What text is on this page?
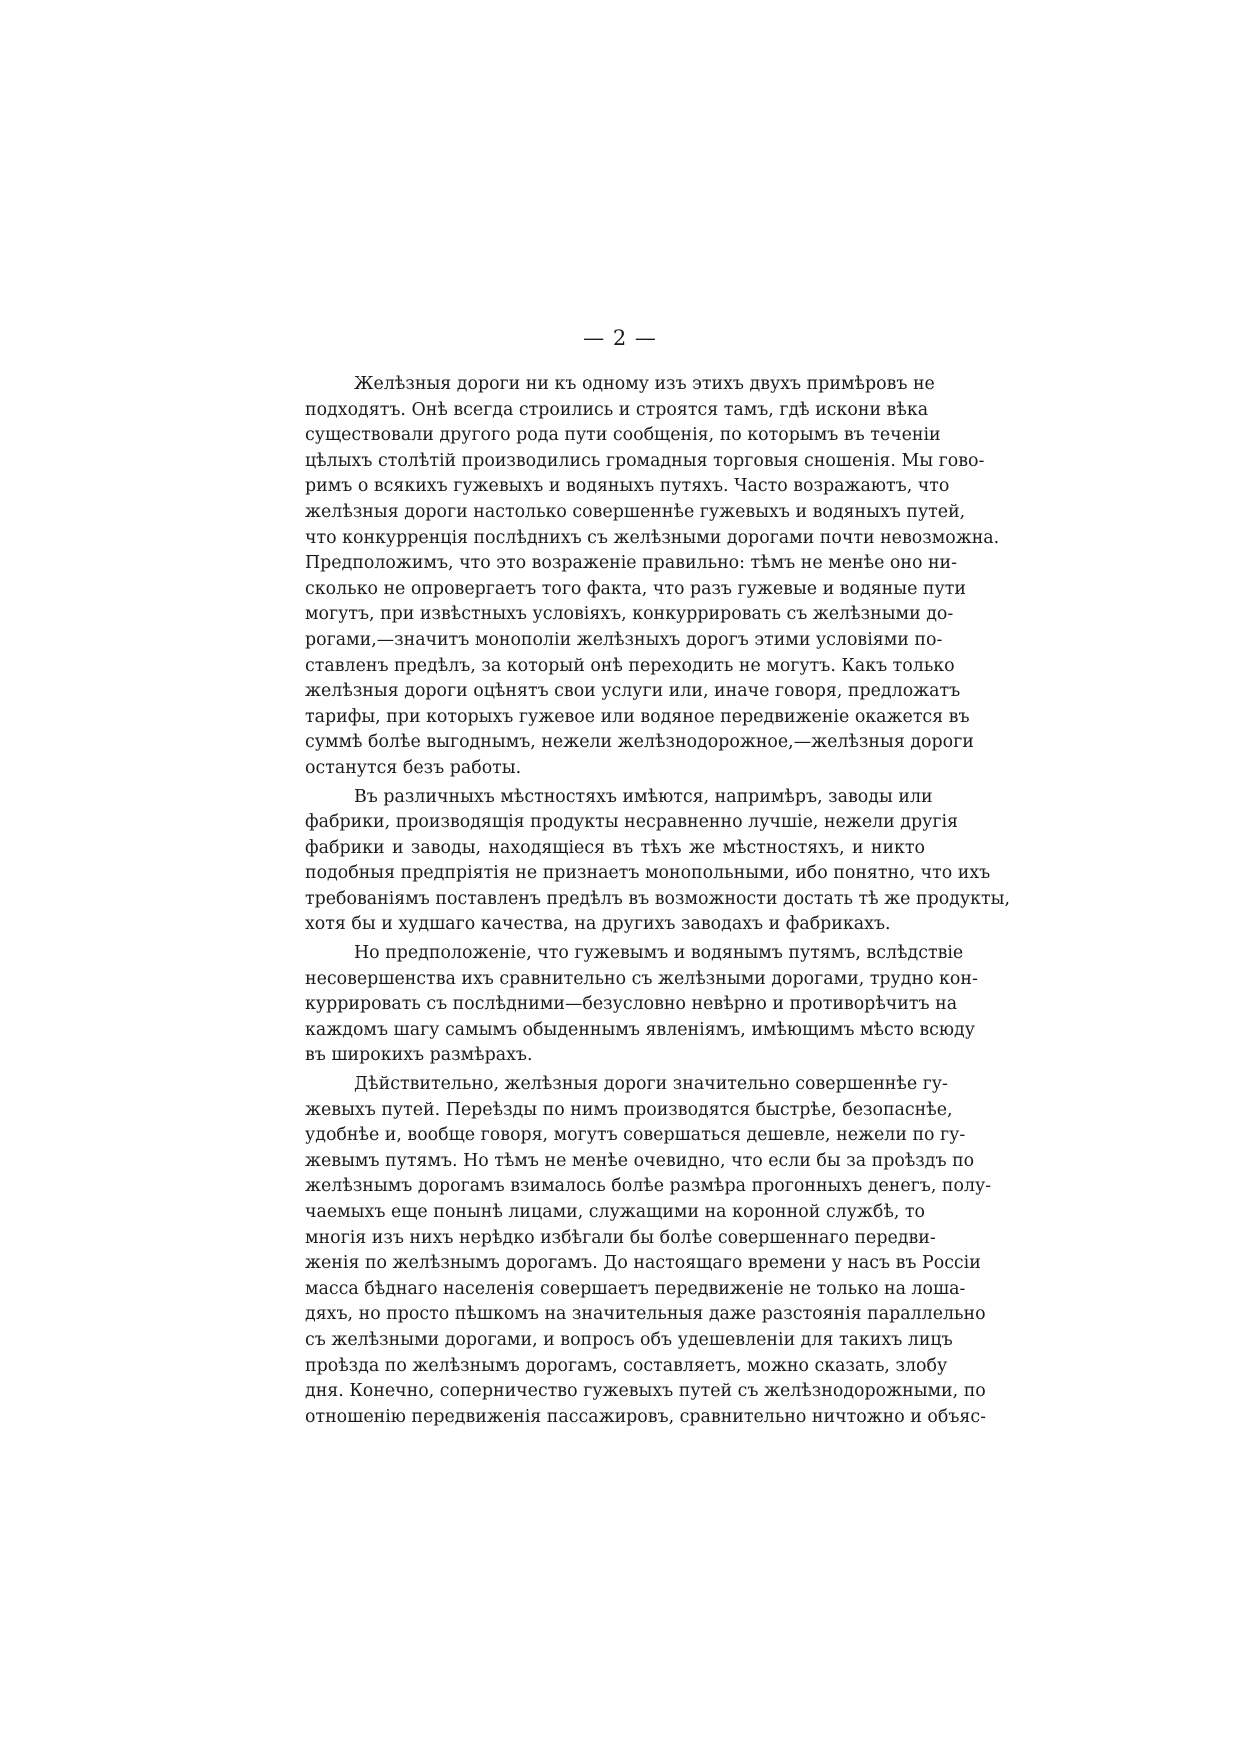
— 2 —
Желѣзныя дороги ни къ одному изъ этихъ двухъ примѣровъ не
подходятъ. Онѣ всегда строились и строятся тамъ, гдѣ искони вѣка
существовали другого рода пути сообщенія, по которымъ въ теченіи
цѣлыхъ столѣтій производились громадныя торговыя сношенія. Мы гово-
римъ о всякихъ гужевыхъ и водяныхъ путяхъ. Часто возражаютъ, что
желѣзныя дороги настолько совершеннѣе гужевыхъ и водяныхъ путей,
что конкурренція послѣднихъ съ желѣзными дорогами почти невозможна.
Предположимъ, что это возраженіе правильно: тѣмъ не менѣе оно ни-
сколько не опровергаетъ того факта, что разъ гужевые и водяные пути
могутъ, при извѣстныхъ условіяхъ, конкуррировать съ желѣзными до-
рогами,—значитъ монополіи желѣзныхъ дорогъ этими условіями по-
ставленъ предѣлъ, за который онѣ переходить не могутъ. Какъ только
желѣзныя дороги оцѣнятъ свои услуги или, иначе говоря, предложатъ
тарифы, при которыхъ гужевое или водяное передвиженіе окажется въ
суммѣ болѣе выгоднымъ, нежели желѣзнодорожное,—желѣзныя дороги
останутся безъ работы.
Въ различныхъ мѣстностяхъ имѣются, напримѣръ, заводы или
фабрики, производящія продукты несравненно лучшіе, нежели другія
фабрики и заводы, находящіеся въ тѣхъ же мѣстностяхъ, и никто
подобныя предпріятія не признаетъ монопольными, ибо понятно, что ихъ
требованіямъ поставленъ предѣлъ въ возможности достать тѣ же продукты,
хотя бы и худшаго качества, на другихъ заводахъ и фабрикахъ.
Но предположеніе, что гужевымъ и водянымъ путямъ, вслѣдствіе
несовершенства ихъ сравнительно съ желѣзными дорогами, трудно кон-
куррировать съ послѣдними—безусловно невѣрно и противорѣчитъ на
каждомъ шагу самымъ обыденнымъ явленіямъ, имѣющимъ мѣсто всюду
въ широкихъ размѣрахъ.
Дѣйствительно, желѣзныя дороги значительно совершеннѣе гу-
жевыхъ путей. Переѣзды по нимъ производятся быстрѣе, безопаснѣе,
удобнѣе и, вообще говоря, могутъ совершаться дешевле, нежели по гу-
жевымъ путямъ. Но тѣмъ не менѣе очевидно, что если бы за проѣздъ по
желѣзнымъ дорогамъ взималось болѣе размѣра прогонныхъ денегъ, полу-
чаемыхъ еще понынѣ лицами, служащими на коронной службѣ, то
многія изъ нихъ нерѣдко избѣгали бы болѣе совершеннаго передви-
женія по желѣзнымъ дорогамъ. До настоящаго времени у насъ въ Россіи
масса бѣднаго населенія совершаетъ передвиженіе не только на лоша-
дяхъ, но просто пѣшкомъ на значительныя даже разстоянія параллельно
съ желѣзными дорогами, и вопросъ объ удешевленіи для такихъ лицъ
проѣзда по желѣзнымъ дорогамъ, составляетъ, можно сказать, злобу
дня. Конечно, соперничество гужевыхъ путей съ желѣзнодорожными, по
отношенію передвиженія пассажировъ, сравнительно ничтожно и объяс-
